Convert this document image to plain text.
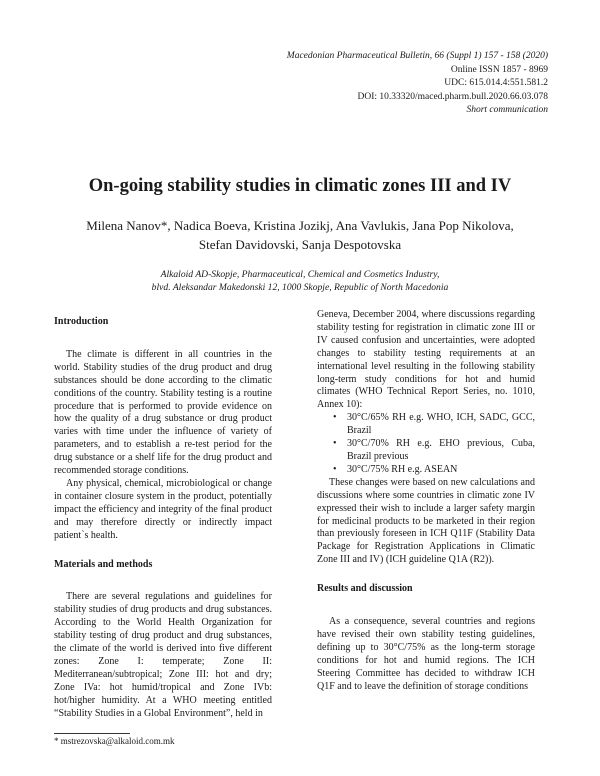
Macedonian Pharmaceutical Bulletin, 66 (Suppl 1) 157 - 158 (2020)
Online ISSN 1857 - 8969
UDC: 615.014.4:551.581.2
DOI: 10.33320/maced.pharm.bull.2020.66.03.078
Short communication
On-going stability studies in climatic zones III and IV
Milena Nanov*, Nadica Boeva, Kristina Jozikj, Ana Vavlukis, Jana Pop Nikolova,
Stefan Davidovski, Sanja Despotovska
Alkaloid AD-Skopje, Pharmaceutical, Chemical and Cosmetics Industry,
blvd. Aleksandar Makedonski 12, 1000 Skopje, Republic of North Macedonia

Introduction

The climate is different in all countries in the world. Stability studies of the drug product and drug substances should be done according to the climatic conditions of the country. Stability testing is a routine procedure that is performed to provide evidence on how the quality of a drug substance or drug product varies with time under the influence of variety of parameters, and to establish a re-test period for the drug substance or a shelf life for the drug product and recommended storage conditions.

Any physical, chemical, microbiological or change in container closure system in the product, potentially impact the efficiency and integrity of the final product and may therefore directly or indirectly impact patient`s health.

Materials and methods

There are several regulations and guidelines for stability studies of drug products and drug substances. According to the World Health Organization for stability testing of drug product and drug substances, the climate of the world is derived into five different zones: Zone I: temperate; Zone II: Mediterranean/subtropical; Zone III: hot and dry; Zone IVa: hot humid/tropical and Zone IVb: hot/higher humidity. At a WHO meeting entitled “Stability Studies in a Global Environment”, held in

Geneva, December 2004, where discussions regarding stability testing for registration in climatic zone III or IV caused confusion and uncertainties, were adopted changes to stability testing requirements at an international level resulting in the following stability long-term study conditions for hot and humid climates (WHO Technical Report Series, no. 1010, Annex 10):

• 30°C/65% RH e.g. WHO, ICH, SADC, GCC, Brazil
• 30°C/70% RH e.g. EHO previous, Cuba, Brazil previous
• 30°C/75% RH e.g. ASEAN

These changes were based on new calculations and discussions where some countries in climatic zone IV expressed their wish to include a larger safety margin for medicinal products to be marketed in their region than previously foreseen in ICH Q11F (Stability Data Package for Registration Applications in Climatic Zone III and IV) (ICH guideline Q1A (R2)).

Results and discussion

As a consequence, several countries and regions have revised their own stability testing guidelines, defining up to 30°C/75% as the long-term storage conditions for hot and humid regions. The ICH Steering Committee has decided to withdraw ICH Q1F and to leave the definition of storage conditions

* mstrezovska@alkaloid.com.mk
